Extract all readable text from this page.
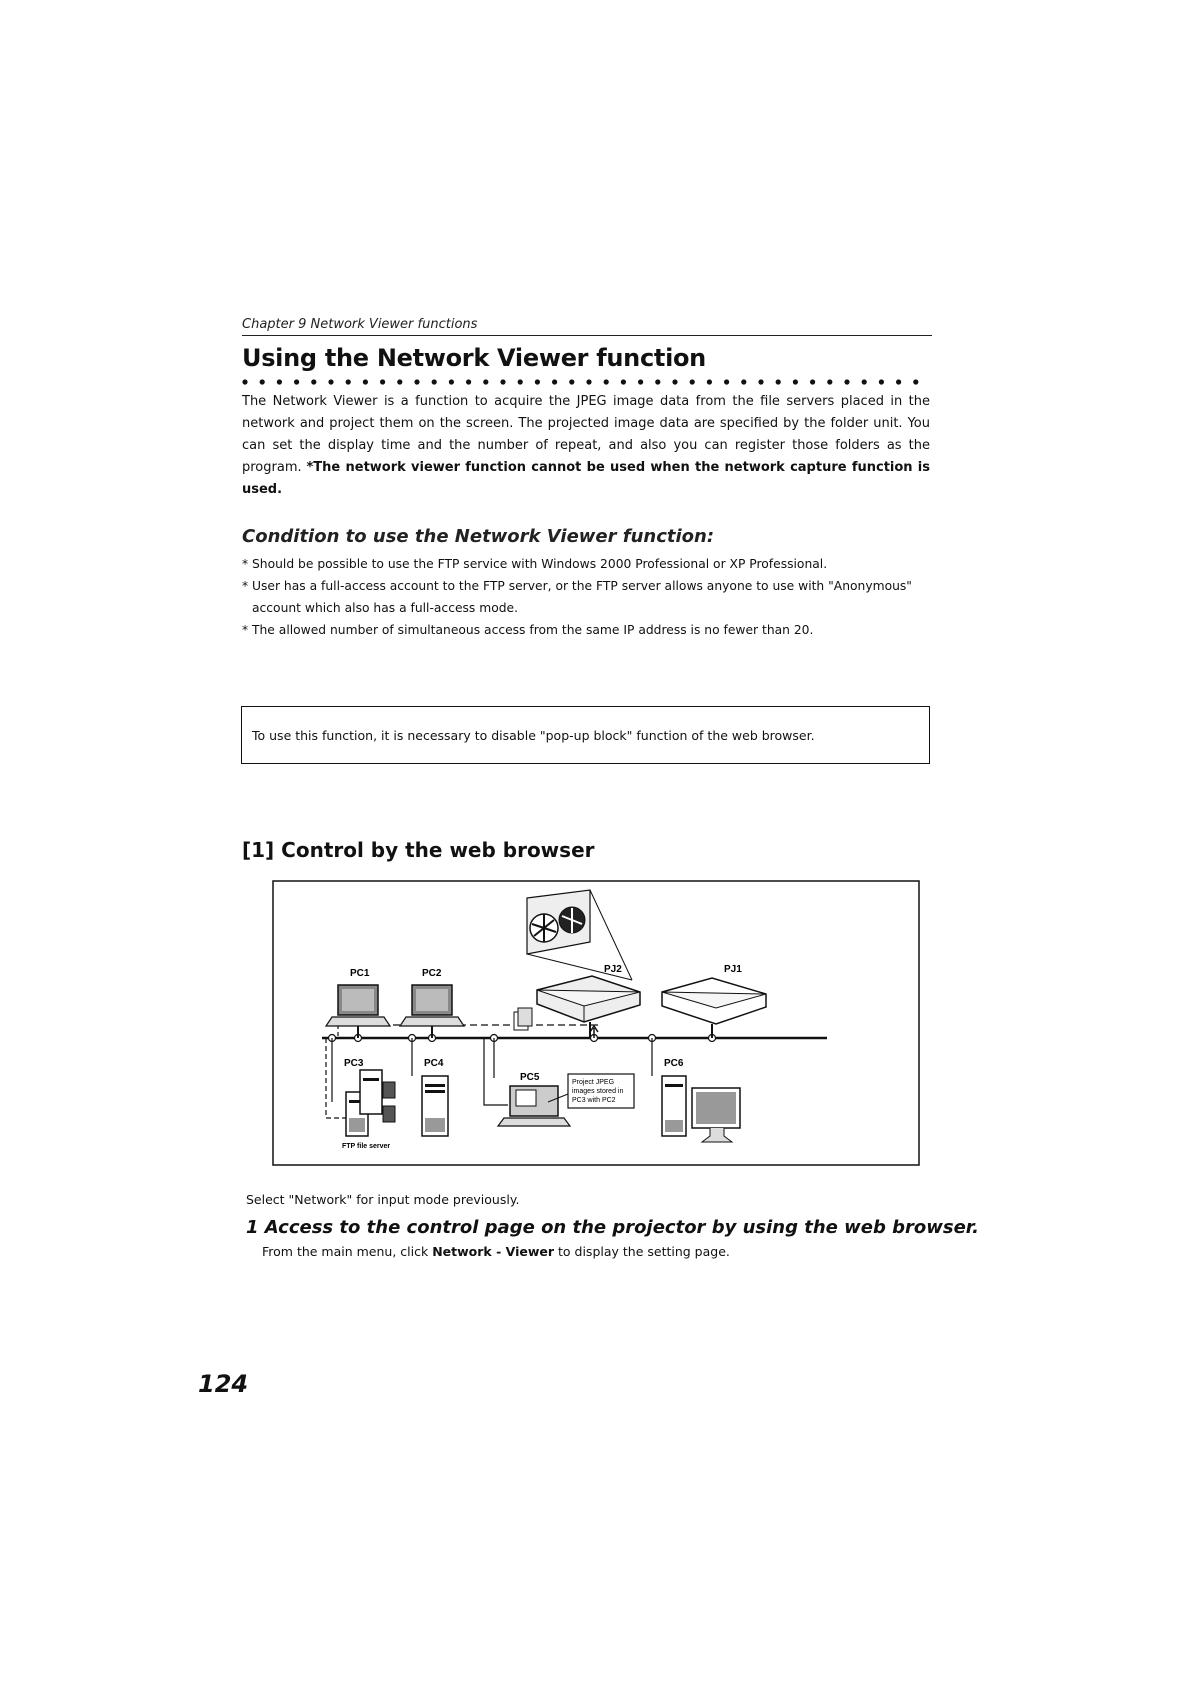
Chapter 9 Network Viewer functions
Using the Network Viewer function
The Network Viewer is a function to acquire the JPEG image data from the file servers placed in the network and project them on the screen. The projected image data are specified by the folder unit. You can set the display time and the number of repeat, and also you can register those folders as the program. *The network viewer function cannot be used when the network capture function is used.
Condition to use the Network Viewer function:
* Should be possible to use the FTP service with Windows 2000 Professional or XP Professional.
* User has a full-access account to the FTP server, or the FTP server allows anyone to use with "Anonymous" account which also has a full-access mode.
* The allowed number of simultaneous access from the same IP address is no fewer than 20.
To use this function, it is necessary to disable "pop-up block" function of the web browser.
[1] Control by the web browser
PC1	PC2	PJ2	PJ1
PC3
FTP file server
PC4
PC5	Project JPEG
images stored in
PC3 with PC2
PC6
Select "Network" for input mode previously.
1 Access to the control page on the projector by using the web browser.
From the main menu, click Network - Viewer to display the setting page.
124
